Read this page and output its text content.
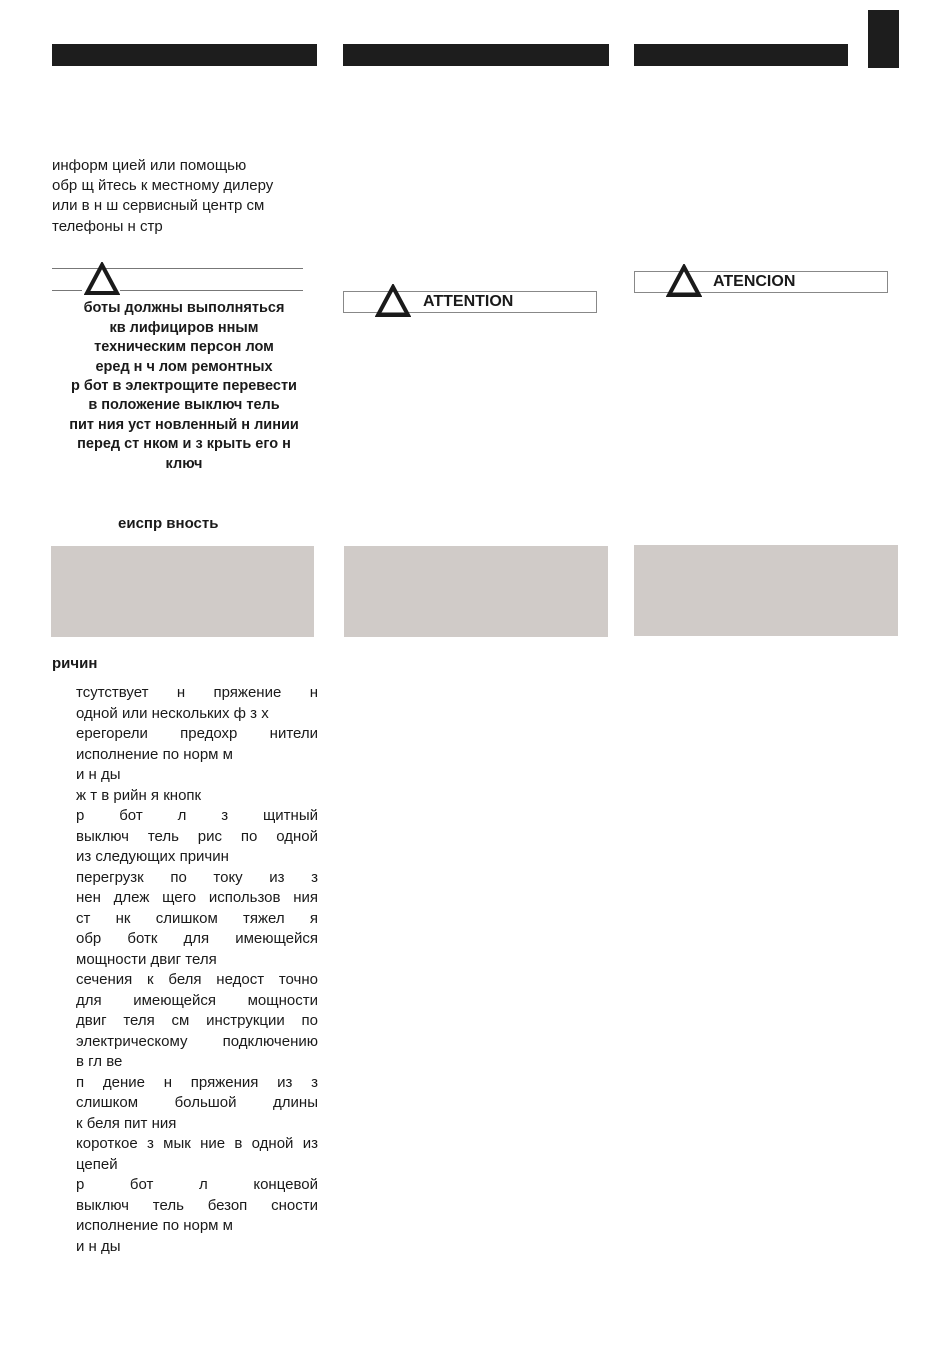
информ цией или помощью
обр щ йтесь к местному дилеру
или в н ш сервисный центр см
телефоны н стр
боты должны выполняться
кв лифициров нным
техническим персон лом
еред н ч лом ремонтных
р бот в электрощите перевести
в положение выключ тель
пит ния уст новленный н линии
перед ст нком и з крыть его н
ключ
ATTENTION
ATENCION
еиспр вность
ричин
тсутствует н пряжение н
одной или нескольких ф з х
ерегорели предохр нители
исполнение по норм м
и н ды
ж т в рийн я кнопк
р бот л з щитный
выключ тель рис по одной
из следующих причин
перегрузк по току из з
нен длеж щего использов ния
ст нк слишком тяжел я
обр ботк для имеющейся
мощности двиг теля
сечения к беля недост точно
для имеющейся мощности
двиг теля см инструкции по
электрическому подключению
в гл ве
п дение н пряжения из з
слишком большой длины
к беля пит ния
короткое з мык ние в одной из
цепей
р бот л концевой
выключ тель безоп сности
исполнение по норм м
и н ды
